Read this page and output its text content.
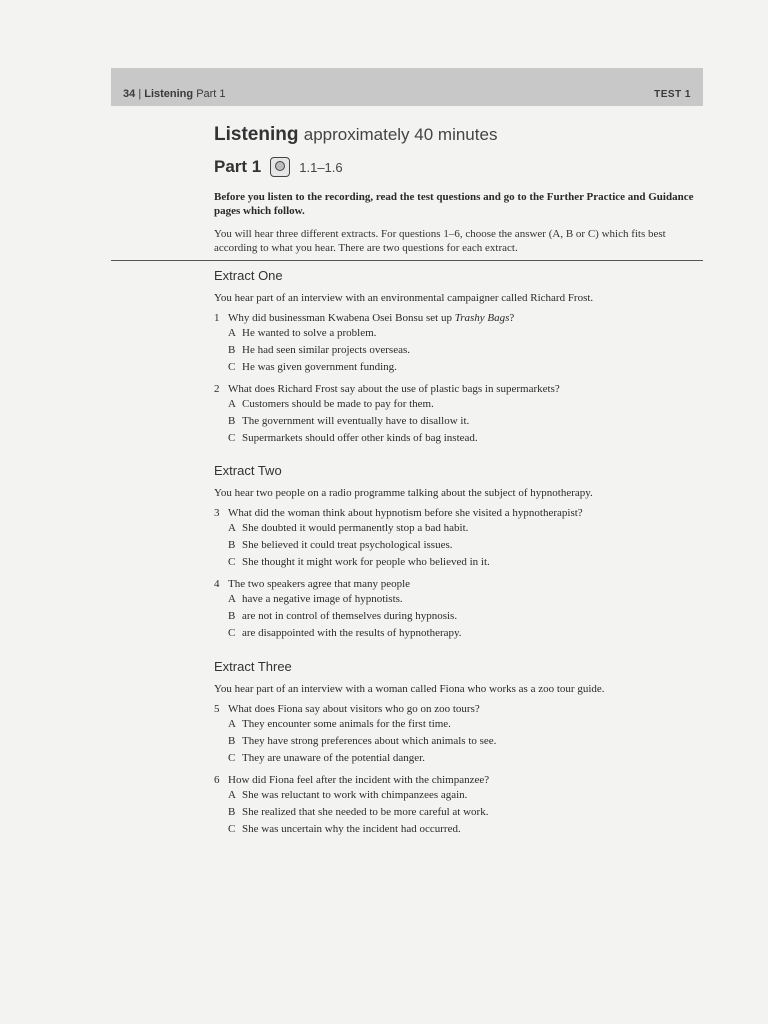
34 | Listening Part 1	TEST 1
Listening approximately 40 minutes
Part 1	1.1–1.6
Before you listen to the recording, read the test questions and go to the Further Practice and Guidance pages which follow.
You will hear three different extracts. For questions 1–6, choose the answer (A, B or C) which fits best according to what you hear. There are two questions for each extract.
Extract One
You hear part of an interview with an environmental campaigner called Richard Frost.
1 Why did businessman Kwabena Osei Bonsu set up Trashy Bags?
A He wanted to solve a problem.
B He had seen similar projects overseas.
C He was given government funding.
2 What does Richard Frost say about the use of plastic bags in supermarkets?
A Customers should be made to pay for them.
B The government will eventually have to disallow it.
C Supermarkets should offer other kinds of bag instead.
Extract Two
You hear two people on a radio programme talking about the subject of hypnotherapy.
3 What did the woman think about hypnotism before she visited a hypnotherapist?
A She doubted it would permanently stop a bad habit.
B She believed it could treat psychological issues.
C She thought it might work for people who believed in it.
4 The two speakers agree that many people
A have a negative image of hypnotists.
B are not in control of themselves during hypnosis.
C are disappointed with the results of hypnotherapy.
Extract Three
You hear part of an interview with a woman called Fiona who works as a zoo tour guide.
5 What does Fiona say about visitors who go on zoo tours?
A They encounter some animals for the first time.
B They have strong preferences about which animals to see.
C They are unaware of the potential danger.
6 How did Fiona feel after the incident with the chimpanzee?
A She was reluctant to work with chimpanzees again.
B She realized that she needed to be more careful at work.
C She was uncertain why the incident had occurred.
